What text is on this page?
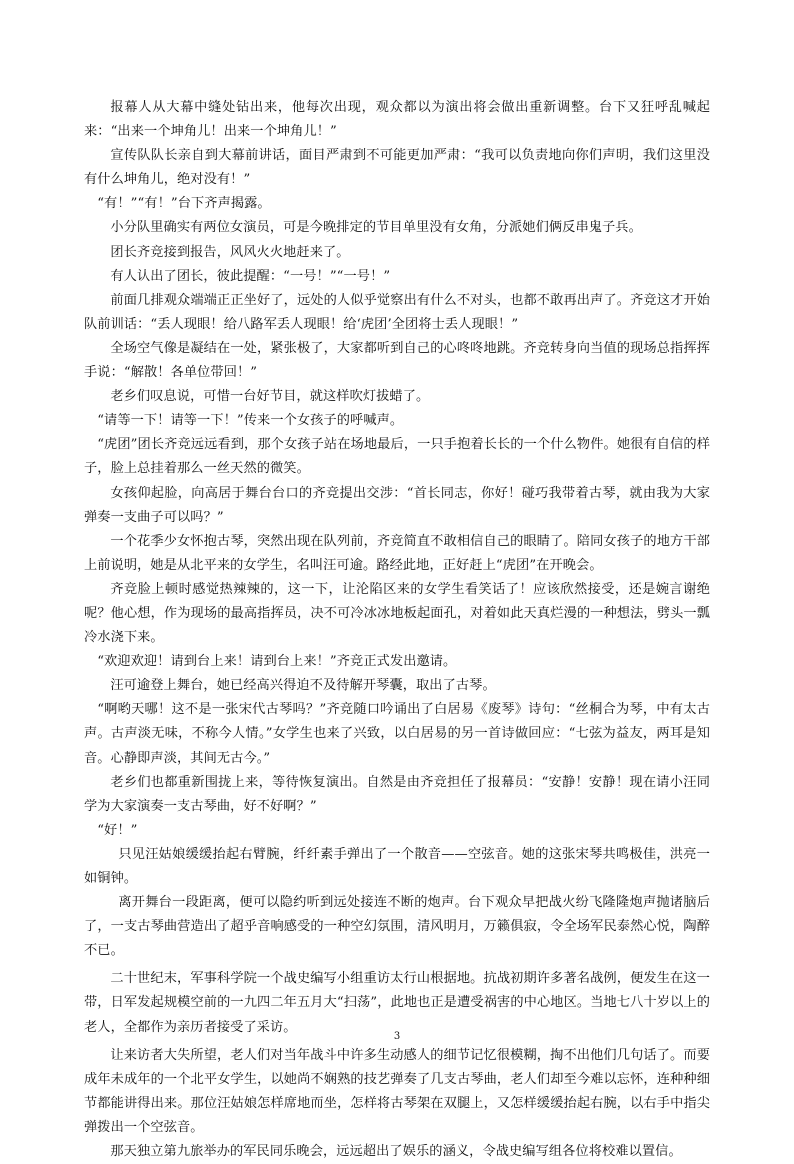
报幕人从大幕中缝处钻出来，他每次出现，观众都以为演出将会做出重新调整。台下又狂呼乱喊起来：“出来一个坤角儿！出来一个坤角儿！”

宣传队队长亲自到大幕前讲话，面目严肃到不可能更加严肃：“我可以负责地向你们声明，我们这里没有什么坤角儿，绝对没有！”

“有！”“有！”台下齐声揭露。

小分队里确实有两位女演员，可是今晚排定的节目单里没有女角，分派她们俩反串鬼子兵。

团长齐竞接到报告，风风火火地赶来了。

有人认出了团长，彼此提醒：“一号！”“一号！”

前面几排观众端端正正坐好了，远处的人似乎觉察出有什么不对头，也都不敢再出声了。齐竞这才开始队前训话：“丢人现眼！给八路军丢人现眼！给‘虎团’全团将士丢人现眼！”

全场空气像是凝结在一处，紧张极了，大家都听到自己的心咚咚地跳。齐竞转身向当值的现场总指挥挥手说：“解散！各单位带回！”

老乡们叹息说，可惜一台好节目，就这样吹灯拔蜡了。

“请等一下！请等一下！”传来一个女孩子的呼喊声。

“虎团”团长齐竞远远看到，那个女孩子站在场地最后，一只手抱着长长的一个什么物件。她很有自信的样子，脸上总挂着那么一丝天然的微笑。

女孩仰起脸，向高居于舞台台口的齐竞提出交涉：“首长同志，你好！碰巧我带着古琴，就由我为大家弹奏一支曲子可以吗？”

一个花季少女怀抱古琴，突然出现在队列前，齐竞简直不敢相信自己的眼睛了。陪同女孩子的地方干部上前说明，她是从北平来的女学生，名叫汪可逾。路经此地，正好赶上“虎团”在开晚会。

齐竞脸上顿时感觉热辣辣的，这一下，让沦陷区来的女学生看笑话了！应该欣然接受，还是婉言谢绝呢？他心想，作为现场的最高指挥员，决不可冷冰冰地板起面孔，对着如此天真烂漫的一种想法，劈头一瓢冷水浇下来。

“欢迎欢迎！请到台上来！请到台上来！”齐竞正式发出邀请。

汪可逾登上舞台，她已经高兴得迫不及待解开琴囊，取出了古琴。

“啊哟天哪！这不是一张宋代古琴吗？”齐竞随口吟诵出了白居易《废琴》诗句：“丝桐合为琴，中有太古声。古声淡无味，不称今人情。”女学生也来了兴致，以白居易的另一首诗做回应：“七弦为益友，两耳是知音。心静即声淡，其间无古今。”

老乡们也都重新围拢上来，等待恢复演出。自然是由齐竞担任了报幕员：“安静！安静！现在请小汪同学为大家演奏一支古琴曲，好不好啊？”

“好！”

只见汪姑娘缓缓抬起右臂腕，纤纤素手弹出了一个散音——空弦音。她的这张宋琴共鸣极佳，洪亮一如铜钟。

离开舞台一段距离，便可以隐约听到远处接连不断的炮声。台下观众早把战火纷飞隆隆炮声抛诸脑后了，一支古琴曲营造出了超乎音响感受的一种空幻氛围，清风明月，万籁俱寂，令全场军民泰然心悦，陶醉不已。

二十世纪末，军事科学院一个战史编写小组重访太行山根据地。抗战初期许多著名战例，便发生在这一带，日军发起规模空前的一九四二年五月大“扫荡”，此地也正是遭受祸害的中心地区。当地七八十岁以上的老人，全都作为亲历者接受了采访。

让来访者大失所望，老人们对当年战斗中许多生动感人的细节记忆很模糊，掏不出他们几句话了。而要成年未成年的一个北平女学生，以她尚不娴熟的技艺弹奏了几支古琴曲，老人们却至今难以忘怀，连种种细节都能讲得出来。那位汪姑娘怎样席地而坐，怎样将古琴架在双腿上，又怎样缓缓抬起右腕，以右手中指尖弹拨出一个空弦音。

那天独立第九旅举办的军民同乐晚会，远远超出了娱乐的涵义，令战史编写组各位将校难以置信。

3
